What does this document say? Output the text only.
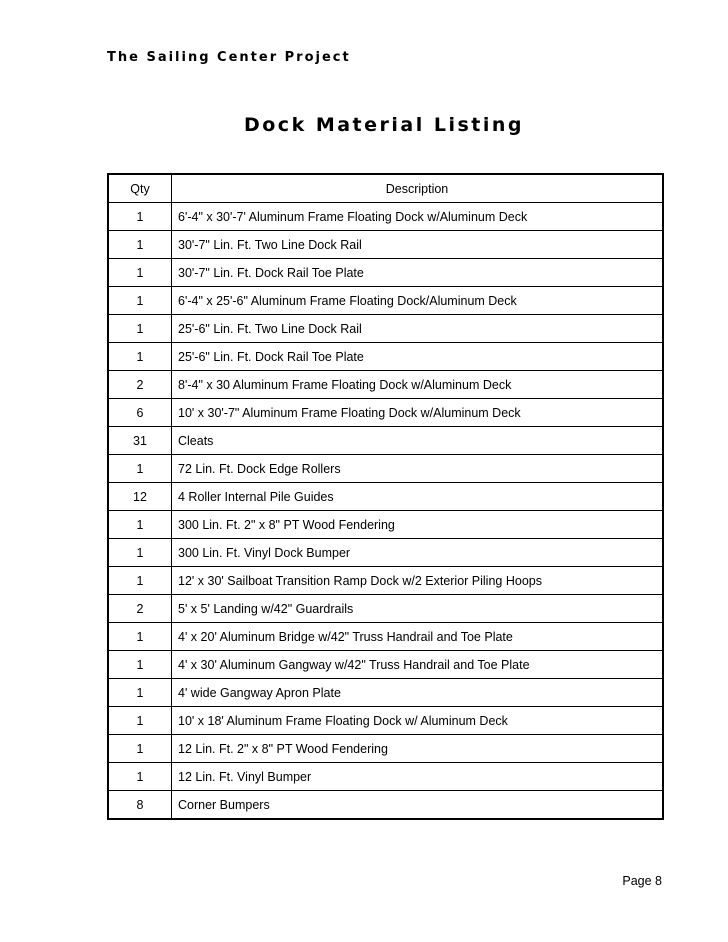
The Sailing Center Project
Dock Material Listing
Qty	Description
1	6'-4" x 30'-7' Aluminum Frame Floating Dock w/Aluminum Deck
1	30'-7" Lin. Ft. Two Line Dock Rail
1	30'-7" Lin. Ft. Dock Rail Toe Plate
1	6'-4" x 25'-6" Aluminum Frame Floating Dock/Aluminum Deck
1	25'-6" Lin. Ft. Two Line Dock Rail
1	25'-6" Lin. Ft. Dock Rail Toe Plate
2	8'-4" x 30 Aluminum Frame Floating Dock w/Aluminum Deck
6	10' x 30'-7" Aluminum Frame Floating Dock w/Aluminum Deck
31	Cleats
1	72 Lin. Ft. Dock Edge Rollers
12	4 Roller Internal Pile Guides
1	300 Lin. Ft. 2" x 8" PT Wood Fendering
1	300 Lin. Ft. Vinyl Dock Bumper
1	12' x 30' Sailboat Transition Ramp Dock w/2 Exterior Piling Hoops
2	5' x 5' Landing w/42" Guardrails
1	4' x 20' Aluminum Bridge w/42" Truss Handrail and Toe Plate
1	4' x 30' Aluminum Gangway w/42" Truss Handrail and Toe Plate
1	4' wide Gangway Apron Plate
1	10' x 18' Aluminum Frame Floating Dock w/ Aluminum Deck
1	12 Lin. Ft. 2" x 8" PT Wood Fendering
1	12 Lin. Ft. Vinyl Bumper
8	Corner Bumpers
Page 8
